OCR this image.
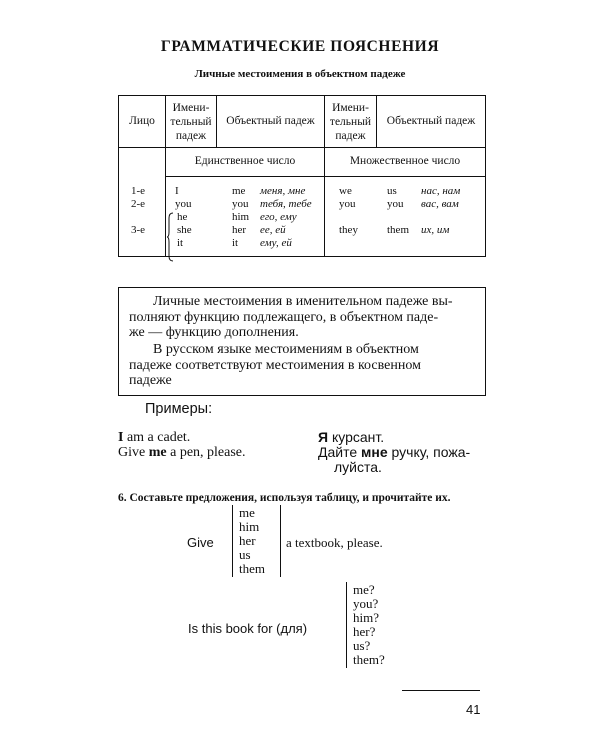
ГРАММАТИЧЕСКИЕ ПОЯСНЕНИЯ
Личные местоимения в объектном падеже
Лицо
Имени-
тельный
падеж
Объектный падеж
Имени-
тельный
падеж
Объектный падеж
Единственное число	Множественное число
1-е
2-е
3-е
I
you
he
she
it
me
you
him
her
it
меня, мне
тебя, тебе
его, ему
ее, ей
ему, ей
we
you
they
us
you
them
нас, нам
вас, вам
их, им
Личные местоимения в именительном падеже вы-
полняют функцию подлежащего, в объектном паде-
же — функцию дополнения.
В русском языке местоимениям в объектном
падеже соответствуют местоимения в косвенном
падеже
Примеры:
I am a cadet.
Give me a pen, please.
Я курсант.
Дайте мне ручку, пожа-
луйста.
6. Составьте предложения, используя таблицу, и прочитайте их.
Give
me
him
her
us
them
a textbook, please.
Is this book for (для)
me?
you?
him?
her?
us?
them?
41
